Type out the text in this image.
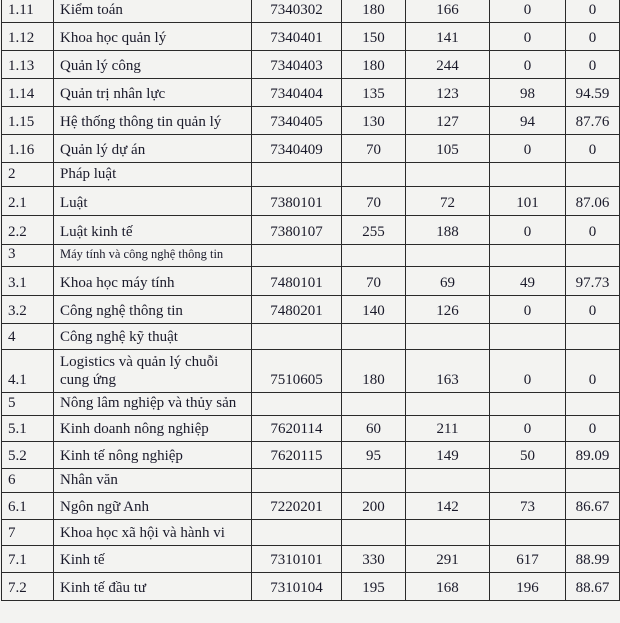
1.11	Kiểm toán	7340302	180	166	0	0
1.12	Khoa học quản lý	7340401	150	141	0	0
1.13	Quản lý công	7340403	180	244	0	0
1.14	Quản trị nhân lực	7340404	135	123	98	94.59
1.15	Hệ thống thông tin quản lý	7340405	130	127	94	87.76
1.16	Quản lý dự án	7340409	70	105	0	0
2	Pháp luật					
2.1	Luật	7380101	70	72	101	87.06
2.2	Luật kinh tế	7380107	255	188	0	0
3	Máy tính và công nghệ thông tin					
3.1	Khoa học máy tính	7480101	70	69	49	97.73
3.2	Công nghệ thông tin	7480201	140	126	0	0
4	Công nghệ kỹ thuật					
4.1	Logistics và quản lý chuỗi cung ứng	7510605	180	163	0	0
5	Nông lâm nghiệp và thủy sản					
5.1	Kinh doanh nông nghiệp	7620114	60	211	0	0
5.2	Kinh tế nông nghiệp	7620115	95	149	50	89.09
6	Nhân văn					
6.1	Ngôn ngữ Anh	7220201	200	142	73	86.67
7	Khoa học xã hội và hành vi					
7.1	Kinh tế	7310101	330	291	617	88.99
7.2	Kinh tế đầu tư	7310104	195	168	196	88.67
